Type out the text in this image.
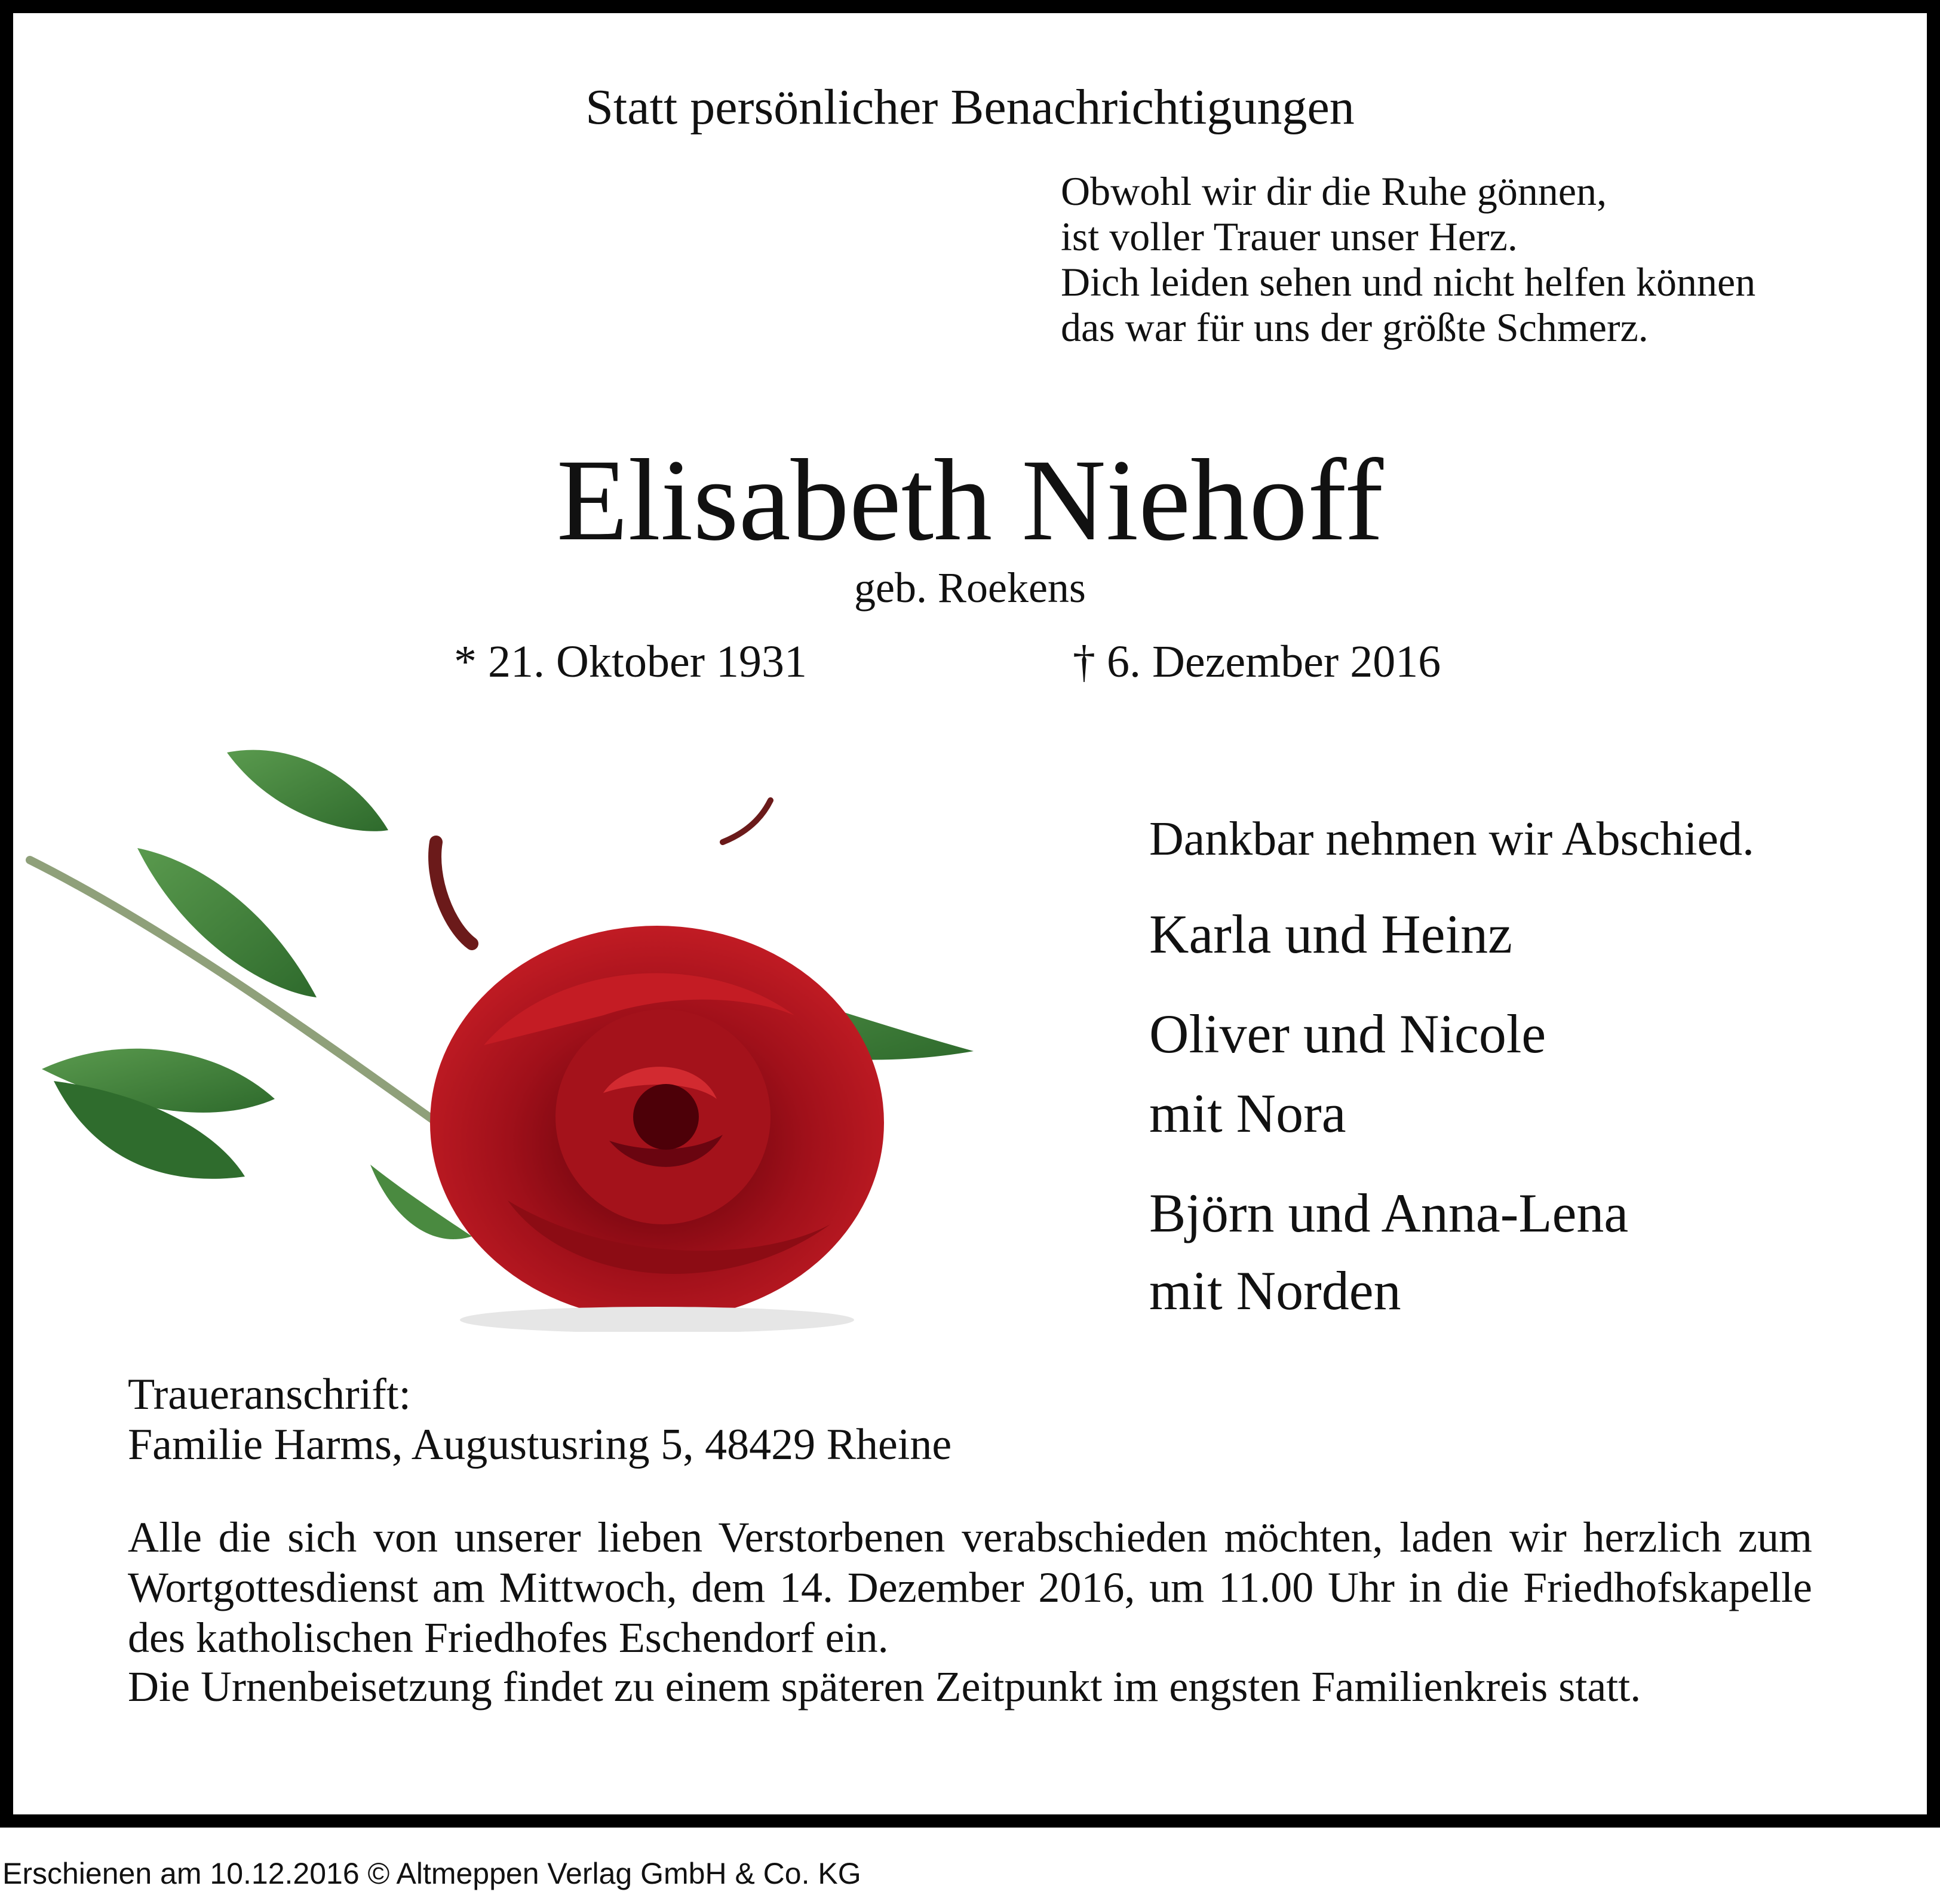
Statt persönlicher Benachrichtigungen
Obwohl wir dir die Ruhe gönnen,
ist voller Trauer unser Herz.
Dich leiden sehen und nicht helfen können
das war für uns der größte Schmerz.
Elisabeth Niehoff
geb. Roekens
* 21. Oktober 1931	† 6. Dezember 2016
Dankbar nehmen wir Abschied.
Karla und Heinz
Oliver und Nicole
mit Nora
Björn und Anna-Lena
mit Norden
Traueranschrift:
Familie Harms, Augustusring 5, 48429 Rheine
Alle die sich von unserer lieben Verstorbenen verabschieden möchten, laden wir herzlich zum Wortgottesdienst am Mittwoch, dem 14. Dezember 2016, um 11.00 Uhr in die Friedhofskapelle des katholischen Friedhofes Eschendorf ein.
Die Urnenbeisetzung findet zu einem späteren Zeitpunkt im engsten Familienkreis statt.
Erschienen am 10.12.2016 © Altmeppen Verlag GmbH & Co. KG
